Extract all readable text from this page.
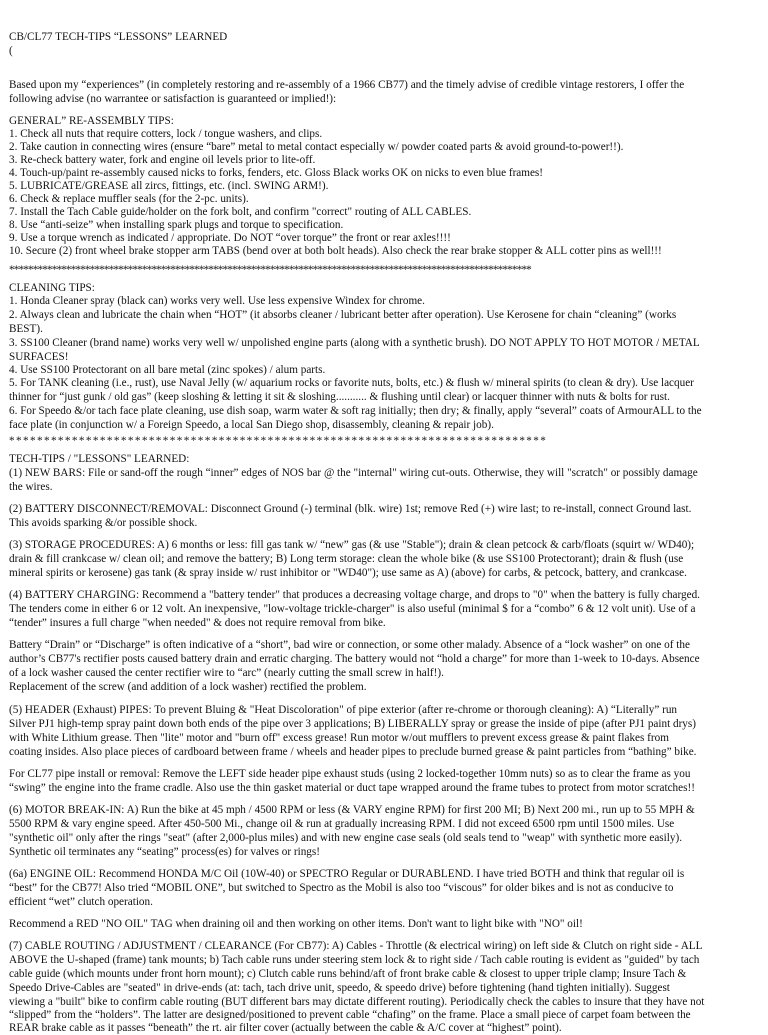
CB/CL77 TECH-TIPS “LESSONS” LEARNED
(
Based upon my “experiences” (in completely restoring and re-assembly of a 1966 CB77) and the timely advise of credible vintage restorers, I offer the
following advise (no warrantee or satisfaction is guaranteed or implied!):
GENERAL” RE-ASSEMBLY TIPS:
1. Check all nuts that require cotters, lock / tongue washers, and clips.
2. Take caution in connecting wires (ensure “bare” metal to metal contact especially w/ powder coated parts & avoid ground-to-power!!).
3. Re-check battery water, fork and engine oil levels prior to lite-off.
4. Touch-up/paint re-assembly caused nicks to forks, fenders, etc. Gloss Black works OK on nicks to even blue frames!
5. LUBRICATE/GREASE all zircs, fittings, etc. (incl. SWING ARM!).
6. Check & replace muffler seals (for the 2-pc. units).
7. Install the Tach Cable guide/holder on the fork bolt, and confirm "correct" routing of ALL CABLES.
8. Use “anti-seize” when installing spark plugs and torque to specification.
9. Use a torque wrench as indicated / appropriate. Do NOT “over torque” the front or rear axles!!!!
10. Secure (2) front wheel brake stopper arm TABS (bend over at both bolt heads). Also check the rear brake stopper & ALL cotter pins as well!!!
**************************************************************************************************************
CLEANING TIPS:
1. Honda Cleaner spray (black can) works very well. Use less expensive Windex for chrome.
2. Always clean and lubricate the chain when “HOT” (it absorbs cleaner / lubricant better after operation). Use Kerosene for chain “cleaning” (works
BEST).
3. SS100 Cleaner (brand name) works very well w/ unpolished engine parts (along with a synthetic brush). DO NOT APPLY TO HOT MOTOR / METAL
SURFACES!
4. Use SS100 Protectorant on all bare metal (zinc spokes) / alum parts.
5. For TANK cleaning (i.e., rust), use Naval Jelly (w/ aquarium rocks or favorite nuts, bolts, etc.) & flush w/ mineral spirits (to clean & dry). Use lacquer
thinner for “just gunk / old gas” (keep sloshing & letting it sit & sloshing........... & flushing until clear) or lacquer thinner with nuts & bolts for rust.
6. For Speedo &/or tach face plate cleaning, use dish soap, warm water & soft rag initially; then dry; & finally, apply “several” coats of ArmourALL to the
face plate (in conjunction w/ a Foreign Speedo, a local San Diego shop, disassembly, cleaning & repair job).
* * * * * * * * * * * * * * * * * * * * * * * * * * * * * * * * * * * * * * * * * * * * * * * * * * * * * * * * * * * * * * * * * * * * * * * * * * * * *
TECH-TIPS / "LESSONS" LEARNED:
(1) NEW BARS: File or sand-off the rough “inner” edges of NOS bar @ the "internal" wiring cut-outs. Otherwise, they will "scratch" or possibly damage
the wires.
(2) BATTERY DISCONNECT/REMOVAL: Disconnect Ground (-) terminal (blk. wire) 1st; remove Red (+) wire last; to re-install, connect Ground last.
This avoids sparking &/or possible shock.
(3) STORAGE PROCEDURES: A) 6 months or less: fill gas tank w/ “new” gas (& use "Stable"); drain & clean petcock & carb/floats (squirt w/ WD40);
drain & fill crankcase w/ clean oil; and remove the battery; B) Long term storage: clean the whole bike (& use SS100 Protectorant); drain & flush (use
mineral spirits or kerosene) gas tank (& spray inside w/ rust inhibitor or "WD40"); use same as A) (above) for carbs, & petcock, battery, and crankcase.
(4) BATTERY CHARGING: Recommend a "battery tender" that produces a decreasing voltage charge, and drops to "0" when the battery is fully charged.
The tenders come in either 6 or 12 volt. An inexpensive, "low-voltage trickle-charger" is also useful (minimal $ for a “combo” 6 & 12 volt unit). Use of a
“tender” insures a full charge "when needed" & does not require removal from bike.
Battery “Drain” or “Discharge” is often indicative of a “short”, bad wire or connection, or some other malady. Absence of a “lock washer” on one of the
author’s CB77's rectifier posts caused battery drain and erratic charging. The battery would not “hold a charge” for more than 1-week to 10-days. Absence
of a lock washer caused the center rectifier wire to “arc” (nearly cutting the small screw in half!).
Replacement of the screw (and addition of a lock washer) rectified the problem.
(5) HEADER (Exhaust) PIPES: To prevent Bluing & "Heat Discoloration" of pipe exterior (after re-chrome or thorough cleaning): A) “Literally” run
Silver PJ1 high-temp spray paint down both ends of the pipe over 3 applications; B) LIBERALLY spray or grease the inside of pipe (after PJ1 paint drys)
with White Lithium grease. Then "lite" motor and "burn off" excess grease! Run motor w/out mufflers to prevent excess grease & paint flakes from
coating insides. Also place pieces of cardboard between frame / wheels and header pipes to preclude burned grease & paint particles from “bathing” bike.
For CL77 pipe install or removal: Remove the LEFT side header pipe exhaust studs (using 2 locked-together 10mm nuts) so as to clear the frame as you
“swing” the engine into the frame cradle. Also use the thin gasket material or duct tape wrapped around the frame tubes to protect from motor scratches!!
(6) MOTOR BREAK-IN: A) Run the bike at 45 mph / 4500 RPM or less (& VARY engine RPM) for first 200 MI; B) Next 200 mi., run up to 55 MPH &
5500 RPM & vary engine speed. After 450-500 Mi., change oil & run at gradually increasing RPM. I did not exceed 6500 rpm until 1500 miles. Use
"synthetic oil" only after the rings "seat" (after 2,000-plus miles) and with new engine case seals (old seals tend to "weap" with synthetic more easily).
Synthetic oil terminates any “seating” process(es) for valves or rings!
(6a) ENGINE OIL: Recommend HONDA M/C Oil (10W-40) or SPECTRO Regular or DURABLEND. I have tried BOTH and think that regular oil is
“best” for the CB77! Also tried “MOBIL ONE”, but switched to Spectro as the Mobil is also too “viscous” for older bikes and is not as conducive to
efficient “wet” clutch operation.
Recommend a RED "NO OIL" TAG when draining oil and then working on other items. Don't want to light bike with "NO" oil!
(7) CABLE ROUTING / ADJUSTMENT / CLEARANCE (For CB77): A) Cables - Throttle (& electrical wiring) on left side & Clutch on right side - ALL
ABOVE the U-shaped (frame) tank mounts; b) Tach cable runs under steering stem lock & to right side / Tach cable routing is evident as "guided" by tach
cable guide (which mounts under front horn mount); c) Clutch cable runs behind/aft of front brake cable & closest to upper triple clamp; Insure Tach &
Speedo Drive-Cables are "seated" in drive-ends (at: tach, tach drive unit, speedo, & speedo drive) before tightening (hand tighten initially). Suggest
viewing a "built" bike to confirm cable routing (BUT different bars may dictate different routing). Periodically check the cables to insure that they have not
“slipped” from the “holders”. The latter are designed/positioned to prevent cable “chafing” on the frame. Place a small piece of carpet foam between the
REAR brake cable as it passes “beneath” the rt. air filter cover (actually between the cable & A/C cover at “highest” point).
